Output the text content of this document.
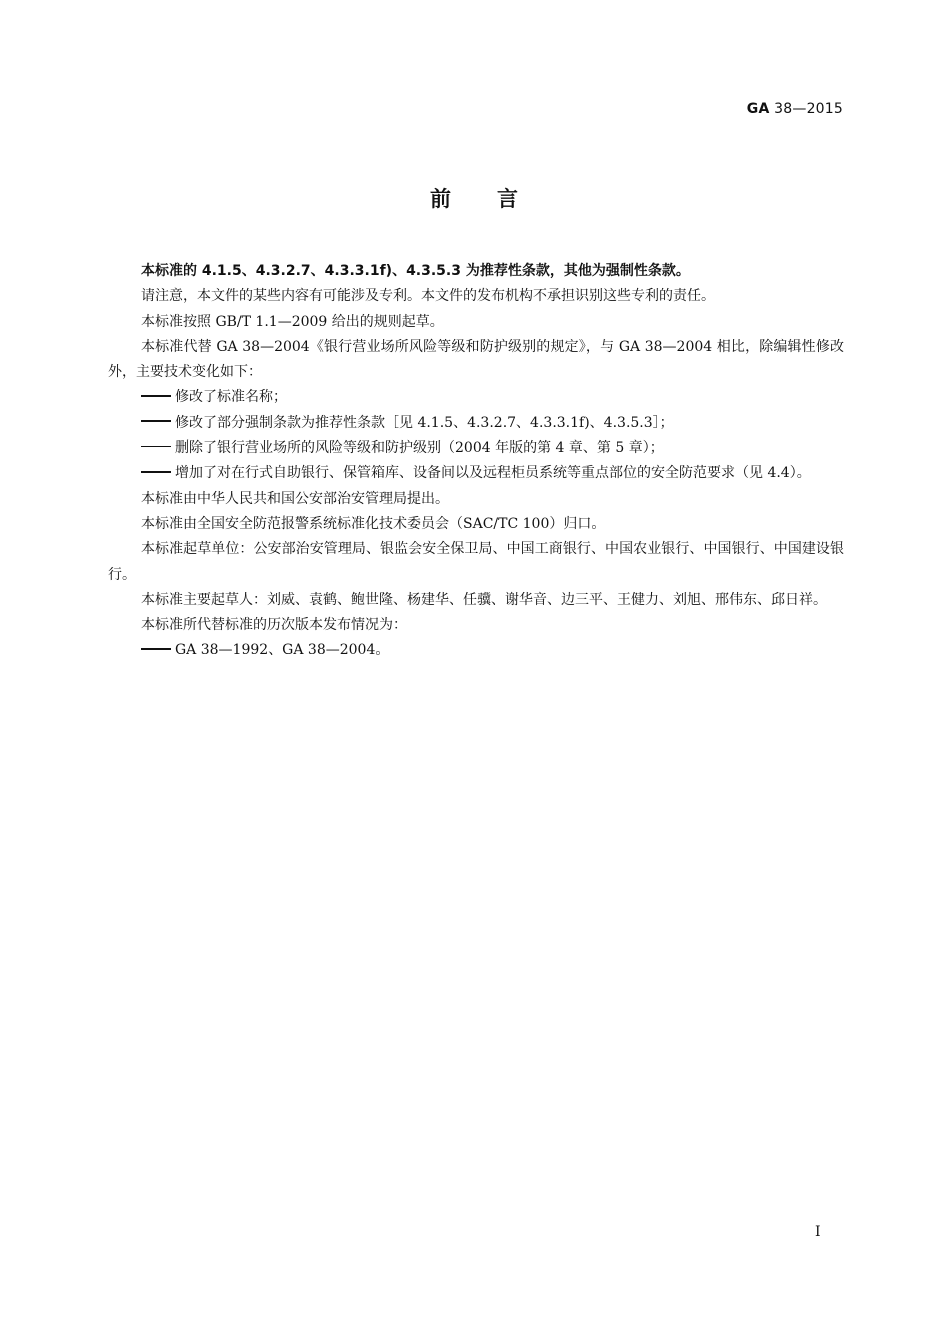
GA 38—2015
前 言

本标准的 4.1.5、4.3.2.7、4.3.3.1f)、4.3.5.3 为推荐性条款，其他为强制性条款。

请注意，本文件的某些内容有可能涉及专利。本文件的发布机构不承担识别这些专利的责任。

本标准按照 GB/T 1.1—2009 给出的规则起草。

本标准代替 GA 38—2004《银行营业场所风险等级和防护级别的规定》，与 GA 38—2004 相比，除编辑性修改外，主要技术变化如下：

修改了标准名称；

修改了部分强制条款为推荐性条款［见 4.1.5、4.3.2.7、4.3.3.1f)、4.3.5.3］；

删除了银行营业场所的风险等级和防护级别（2004 年版的第 4 章、第 5 章）；

增加了对在行式自助银行、保管箱库、设备间以及远程柜员系统等重点部位的安全防范要求（见 4.4）。

本标准由中华人民共和国公安部治安管理局提出。

本标准由全国安全防范报警系统标准化技术委员会（SAC/TC 100）归口。

本标准起草单位：公安部治安管理局、银监会安全保卫局、中国工商银行、中国农业银行、中国银行、中国建设银行。

本标准主要起草人：刘威、袁鹤、鲍世隆、杨建华、任骥、谢华音、边三平、王健力、刘旭、邢伟东、邱日祥。

本标准所代替标准的历次版本发布情况为：

GA 38—1992、GA 38—2004。

I
